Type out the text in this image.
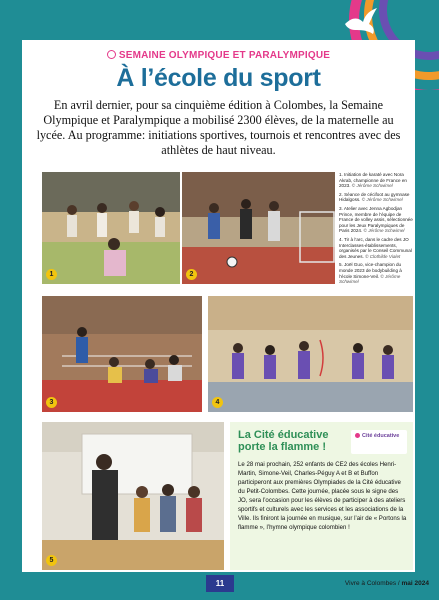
SEMAINE OLYMPIQUE ET PARALYMPIQUE
À l’école du sport
En avril dernier, pour sa cinquième édition à Colombes, la Semaine Olympique et Paralympique a mobilisé 2300 élèves, de la maternelle au lycée. Au programme: initiations sportives, tournois et rencontres avec des athlètes de haut niveau.
1	2
1. Initiation de karaté avec Nora Akrab, championne de France en 2023. © Jérôme Schwimel
2. Séance de cécifoot au gymnase Hidalgoss. © Jérôme Schwimel
3. Atelier avec Jenna Agbodjan Prince, membre de l’équipe de France de volley assis, sélectionnée pour les Jeux Paralympiques de Paris 2024. © Jérôme Schwimel
4. Tir à l’arc, dans le cadre des JO Interclasses-établissements, organisés par le Conseil Communal des Jeunes. © Clothilde Vialet
5. Joël Guo, vice-champion du monde 2023 de bodybuilding à l’école Simone-Veil. © Jérôme Schwimel
3	4
5
La Cité éducative porte la flamme !
Cité éducative
Le 28 mai prochain, 252 enfants de CE2 des écoles Henri-Martin, Simone-Veil, Charles-Péguy A et B et Buffon participeront aux premières Olympiades de la Cité éducative du Petit-Colombes. Cette journée, placée sous le signe des JO, sera l’occasion pour les élèves de participer à des ateliers sportifs et culturels avec les services et les associations de la Ville. Ils finiront la journée en musique, sur l’air de « Portons la flamme », l’hymne olympique colombien !
11	Vivre à Colombes / mai 2024
